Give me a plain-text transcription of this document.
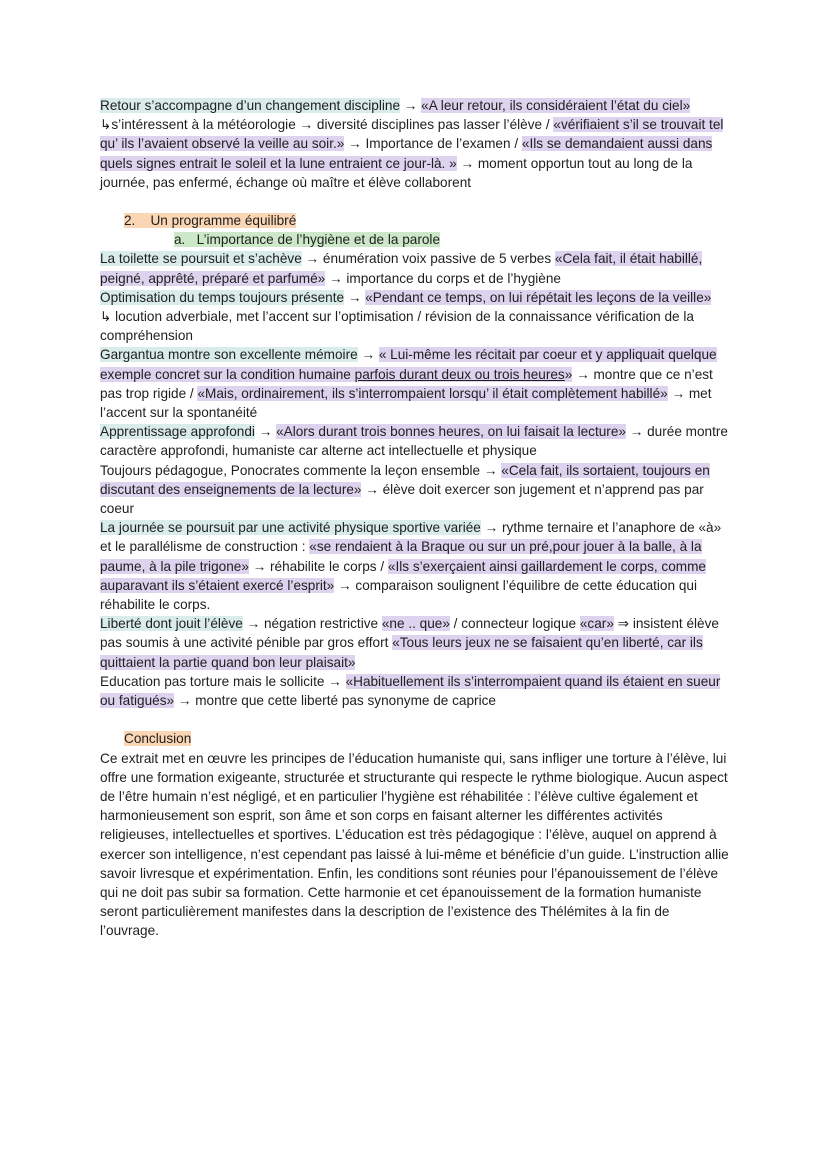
Retour s’accompagne d’un changement discipline → «A leur retour, ils considéraient l’état du ciel»
↳s’intéressent à la météorologie → diversité disciplines pas lasser l’élève / «vérifiaient s’il se trouvait tel qu’ ils l’avaient observé la veille au soir.» → Importance de l’examen / «Ils se demandaient aussi dans quels signes entrait le soleil et la lune entraient ce jour-là. » → moment opportun tout au long de la journée, pas enfermé, échange où maître et élève collaborent

2.    Un programme équilibré

a.   L’importance de l’hygiène et de la parole

La toilette se poursuit et s’achève → énumération voix passive de 5 verbes «Cela fait, il était habillé, peigné, apprêté, préparé et parfumé» → importance du corps et de l’hygiène

Optimisation du temps toujours présente → «Pendant ce temps, on lui répétait les leçons de la veille»
↳ locution adverbiale, met l’accent sur l’optimisation / révision de la connaissance vérification de la compréhension

Gargantua montre son excellente mémoire → « Lui-même les récitait par coeur et y appliquait quelque exemple concret sur la condition humaine parfois durant deux ou trois heures» → montre que ce n’est pas trop rigide / «Mais, ordinairement, ils s’interrompaient lorsqu’ il était complètement habillé» → met l’accent sur la spontanéité

Apprentissage approfondi → «Alors durant trois bonnes heures, on lui faisait la lecture» → durée montre caractère approfondi, humaniste car alterne act intellectuelle et physique

Toujours pédagogue, Ponocrates commente la leçon ensemble → «Cela fait, ils sortaient, toujours en discutant des enseignements de la lecture» → élève doit exercer son jugement et n’apprend pas par coeur

La journée se poursuit par une activité physique sportive variée → rythme ternaire et l’anaphore de «à» et le parallélisme de construction : «se rendaient à la Braque ou sur un pré,pour jouer à la balle, à la paume, à la pile trigone» → réhabilite le corps / «Ils s’exerçaient ainsi gaillardement le corps, comme auparavant ils s’étaient exercé l’esprit» → comparaison soulignent l’équilibre de cette éducation qui réhabilite le corps.

Liberté dont jouit l’élève → négation restrictive «ne .. que» / connecteur logique «car» ⇒ insistent élève pas soumis à une activité pénible par gros effort «Tous leurs jeux ne se faisaient qu’en liberté, car ils quittaient la partie quand bon leur plaisait»

Education pas torture mais le sollicite → «Habituellement ils s’interrompaient quand ils étaient en sueur ou fatigués» → montre que cette liberté pas synonyme de caprice

Conclusion

Ce extrait met en œuvre les principes de l’éducation humaniste qui, sans infliger une torture à l’élève, lui offre une formation exigeante, structurée et structurante qui respecte le rythme biologique. Aucun aspect de l’être humain n’est négligé, et en particulier l’hygiène est réhabilitée : l’élève cultive également et harmonieusement son esprit, son âme et son corps en faisant alterner les différentes activités religieuses, intellectuelles et sportives. L’éducation est très pédagogique : l’élève, auquel on apprend à exercer son intelligence, n’est cependant pas laissé à lui-même et bénéficie d’un guide. L’instruction allie savoir livresque et expérimentation. Enfin, les conditions sont réunies pour l’épanouissement de l’élève qui ne doit pas subir sa formation. Cette harmonie et cet épanouissement de la formation humaniste seront particulièrement manifestes dans la description de l’existence des Thélémites à la fin de l’ouvrage.
